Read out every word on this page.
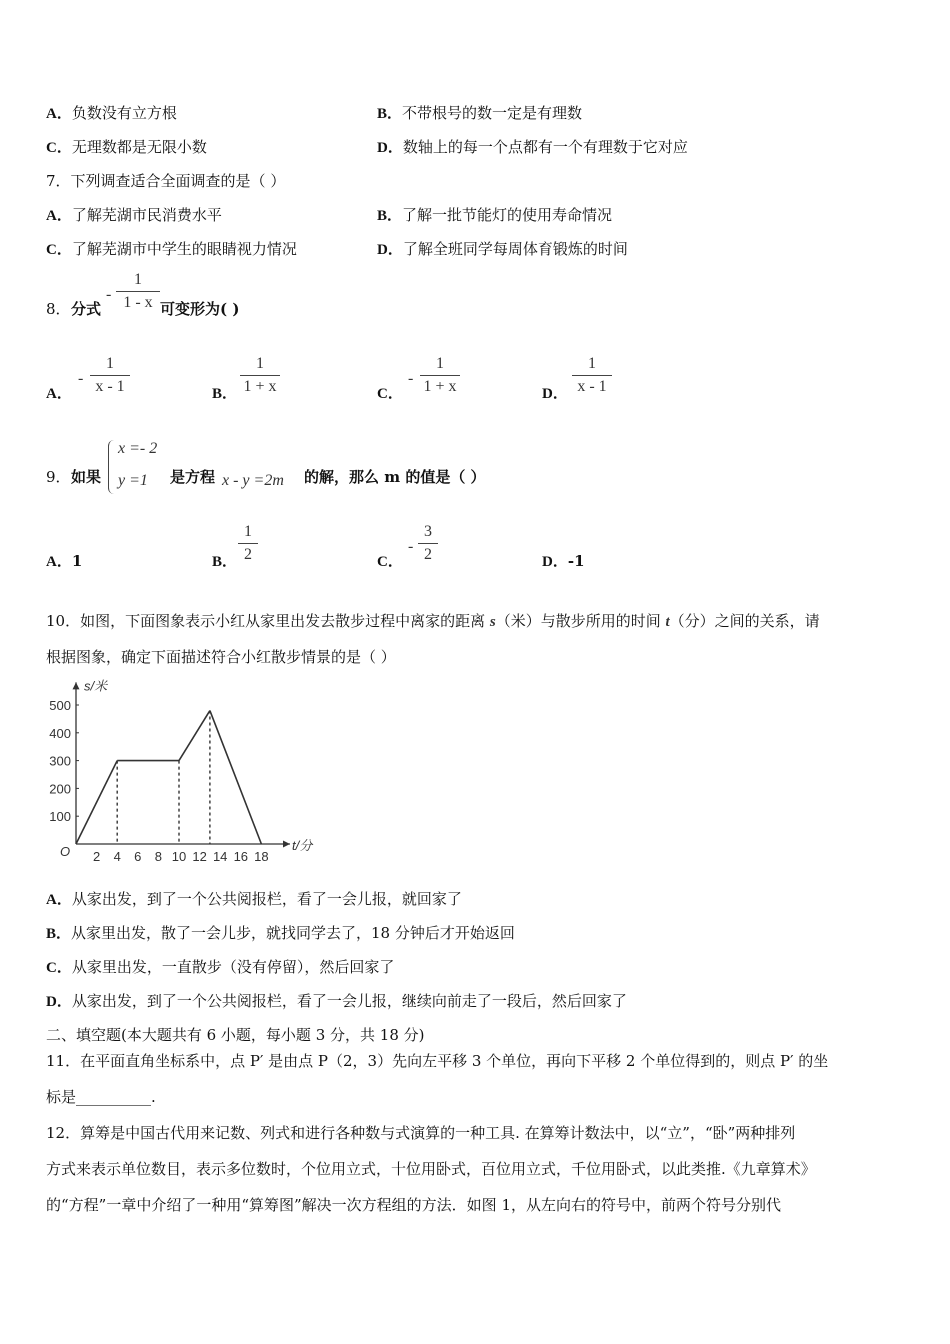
A．负数没有立方根	B．不带根号的数一定是有理数
C．无理数都是无限小数	D．数轴上的每一个点都有一个有理数于它对应
7．下列调查适合全面调查的是（ ）
A．了解芜湖市民消费水平	B．了解一批节能灯的使用寿命情况
C．了解芜湖市中学生的眼睛视力情况	D．了解全班同学每周体育锻炼的时间
8． 分式
-
1
1 - x 可变形为( )
A．
-
1
x - 1	B．
1
1 + x	C．
-
1
1 + x	D．
1
x - 1
9． 如果
x =- 2
y =1 是方程 x - y =2m 的解，那么 m 的值是（ ）
A．1	B．
1
2	C．
-
3
2	D．-1
10．如图，下面图象表示小红从家里出发去散步过程中离家的距离 s（米）与散步所用的时间 t（分）之间的关系，请
根据图象，确定下面描述符合小红散步情景的是（ ）
s/米
t/分
O 2 4 6 8 10 12 14 16 18
100
200
300
400
500
A．从家出发，到了一个公共阅报栏，看了一会儿报，就回家了
B．从家里出发，散了一会儿步，就找同学去了，18 分钟后才开始返回
C．从家里出发，一直散步（没有停留），然后回家了
D．从家出发，到了一个公共阅报栏，看了一会儿报，继续向前走了一段后，然后回家了
二、填空题(本大题共有 6 小题，每小题 3 分，共 18 分)
11．在平面直角坐标系中，点 P′ 是由点 P（2，3）先向左平移 3 个单位，再向下平移 2 个单位得到的，则点 P′ 的坐
标是__________.
12．算筹是中国古代用来记数、列式和进行各种数与式演算的一种工具. 在算筹计数法中，以“立”，“卧”两种排列
方式来表示单位数目，表示多位数时，个位用立式，十位用卧式，百位用立式，千位用卧式，以此类推.《九章算术》
的“方程”一章中介绍了一种用“算筹图”解决一次方程组的方法．如图 1，从左向右的符号中，前两个符号分别代
